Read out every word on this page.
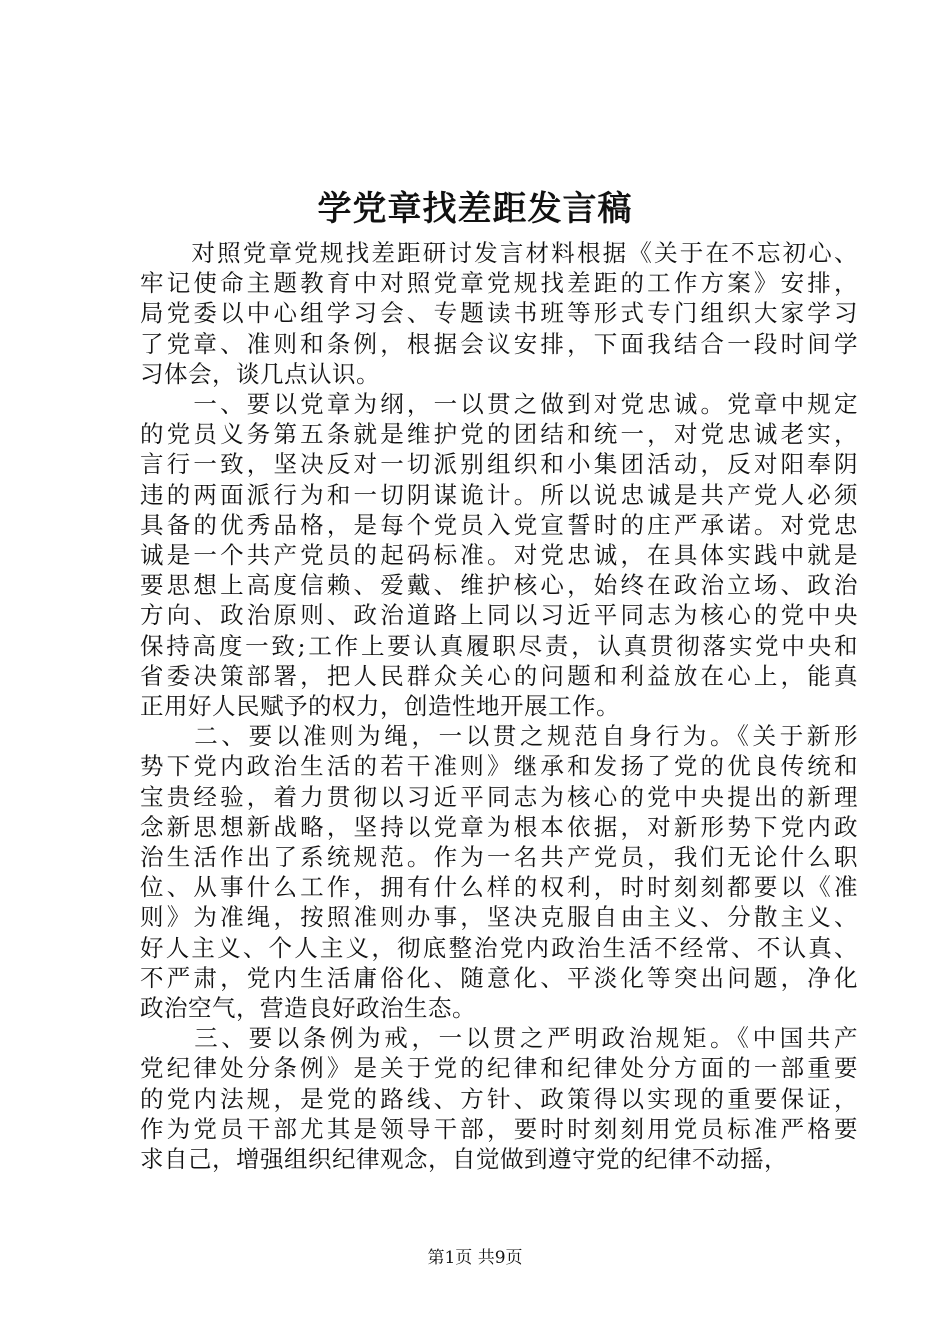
学党章找差距发言稿
　　对照党章党规找差距研讨发言材料根据《关于在不忘初心、
牢记使命主题教育中对照党章党规找差距的工作方案》安排，
局党委以中心组学习会、专题读书班等形式专门组织大家学习
了党章、准则和条例，根据会议安排，下面我结合一段时间学
习体会，谈几点认识。
　　一、要以党章为纲，一以贯之做到对党忠诚。党章中规定
的党员义务第五条就是维护党的团结和统一，对党忠诚老实，
言行一致，坚决反对一切派别组织和小集团活动，反对阳奉阴
违的两面派行为和一切阴谋诡计。所以说忠诚是共产党人必须
具备的优秀品格，是每个党员入党宣誓时的庄严承诺。对党忠
诚是一个共产党员的起码标准。对党忠诚，在具体实践中就是
要思想上高度信赖、爱戴、维护核心，始终在政治立场、政治
方向、政治原则、政治道路上同以习近平同志为核心的党中央
保持高度一致;工作上要认真履职尽责，认真贯彻落实党中央和
省委决策部署，把人民群众关心的问题和利益放在心上，能真
正用好人民赋予的权力，创造性地开展工作。
　　二、要以准则为绳，一以贯之规范自身行为。《关于新形
势下党内政治生活的若干准则》继承和发扬了党的优良传统和
宝贵经验，着力贯彻以习近平同志为核心的党中央提出的新理
念新思想新战略，坚持以党章为根本依据，对新形势下党内政
治生活作出了系统规范。作为一名共产党员，我们无论什么职
位、从事什么工作，拥有什么样的权利，时时刻刻都要以《准
则》为准绳，按照准则办事，坚决克服自由主义、分散主义、
好人主义、个人主义，彻底整治党内政治生活不经常、不认真、
不严肃，党内生活庸俗化、随意化、平淡化等突出问题，净化
政治空气，营造良好政治生态。
　　三、要以条例为戒，一以贯之严明政治规矩。《中国共产
党纪律处分条例》是关于党的纪律和纪律处分方面的一部重要
的党内法规，是党的路线、方针、政策得以实现的重要保证，
作为党员干部尤其是领导干部，要时时刻刻用党员标准严格要
求自己，增强组织纪律观念，自觉做到遵守党的纪律不动摇，
第1页 共9页
